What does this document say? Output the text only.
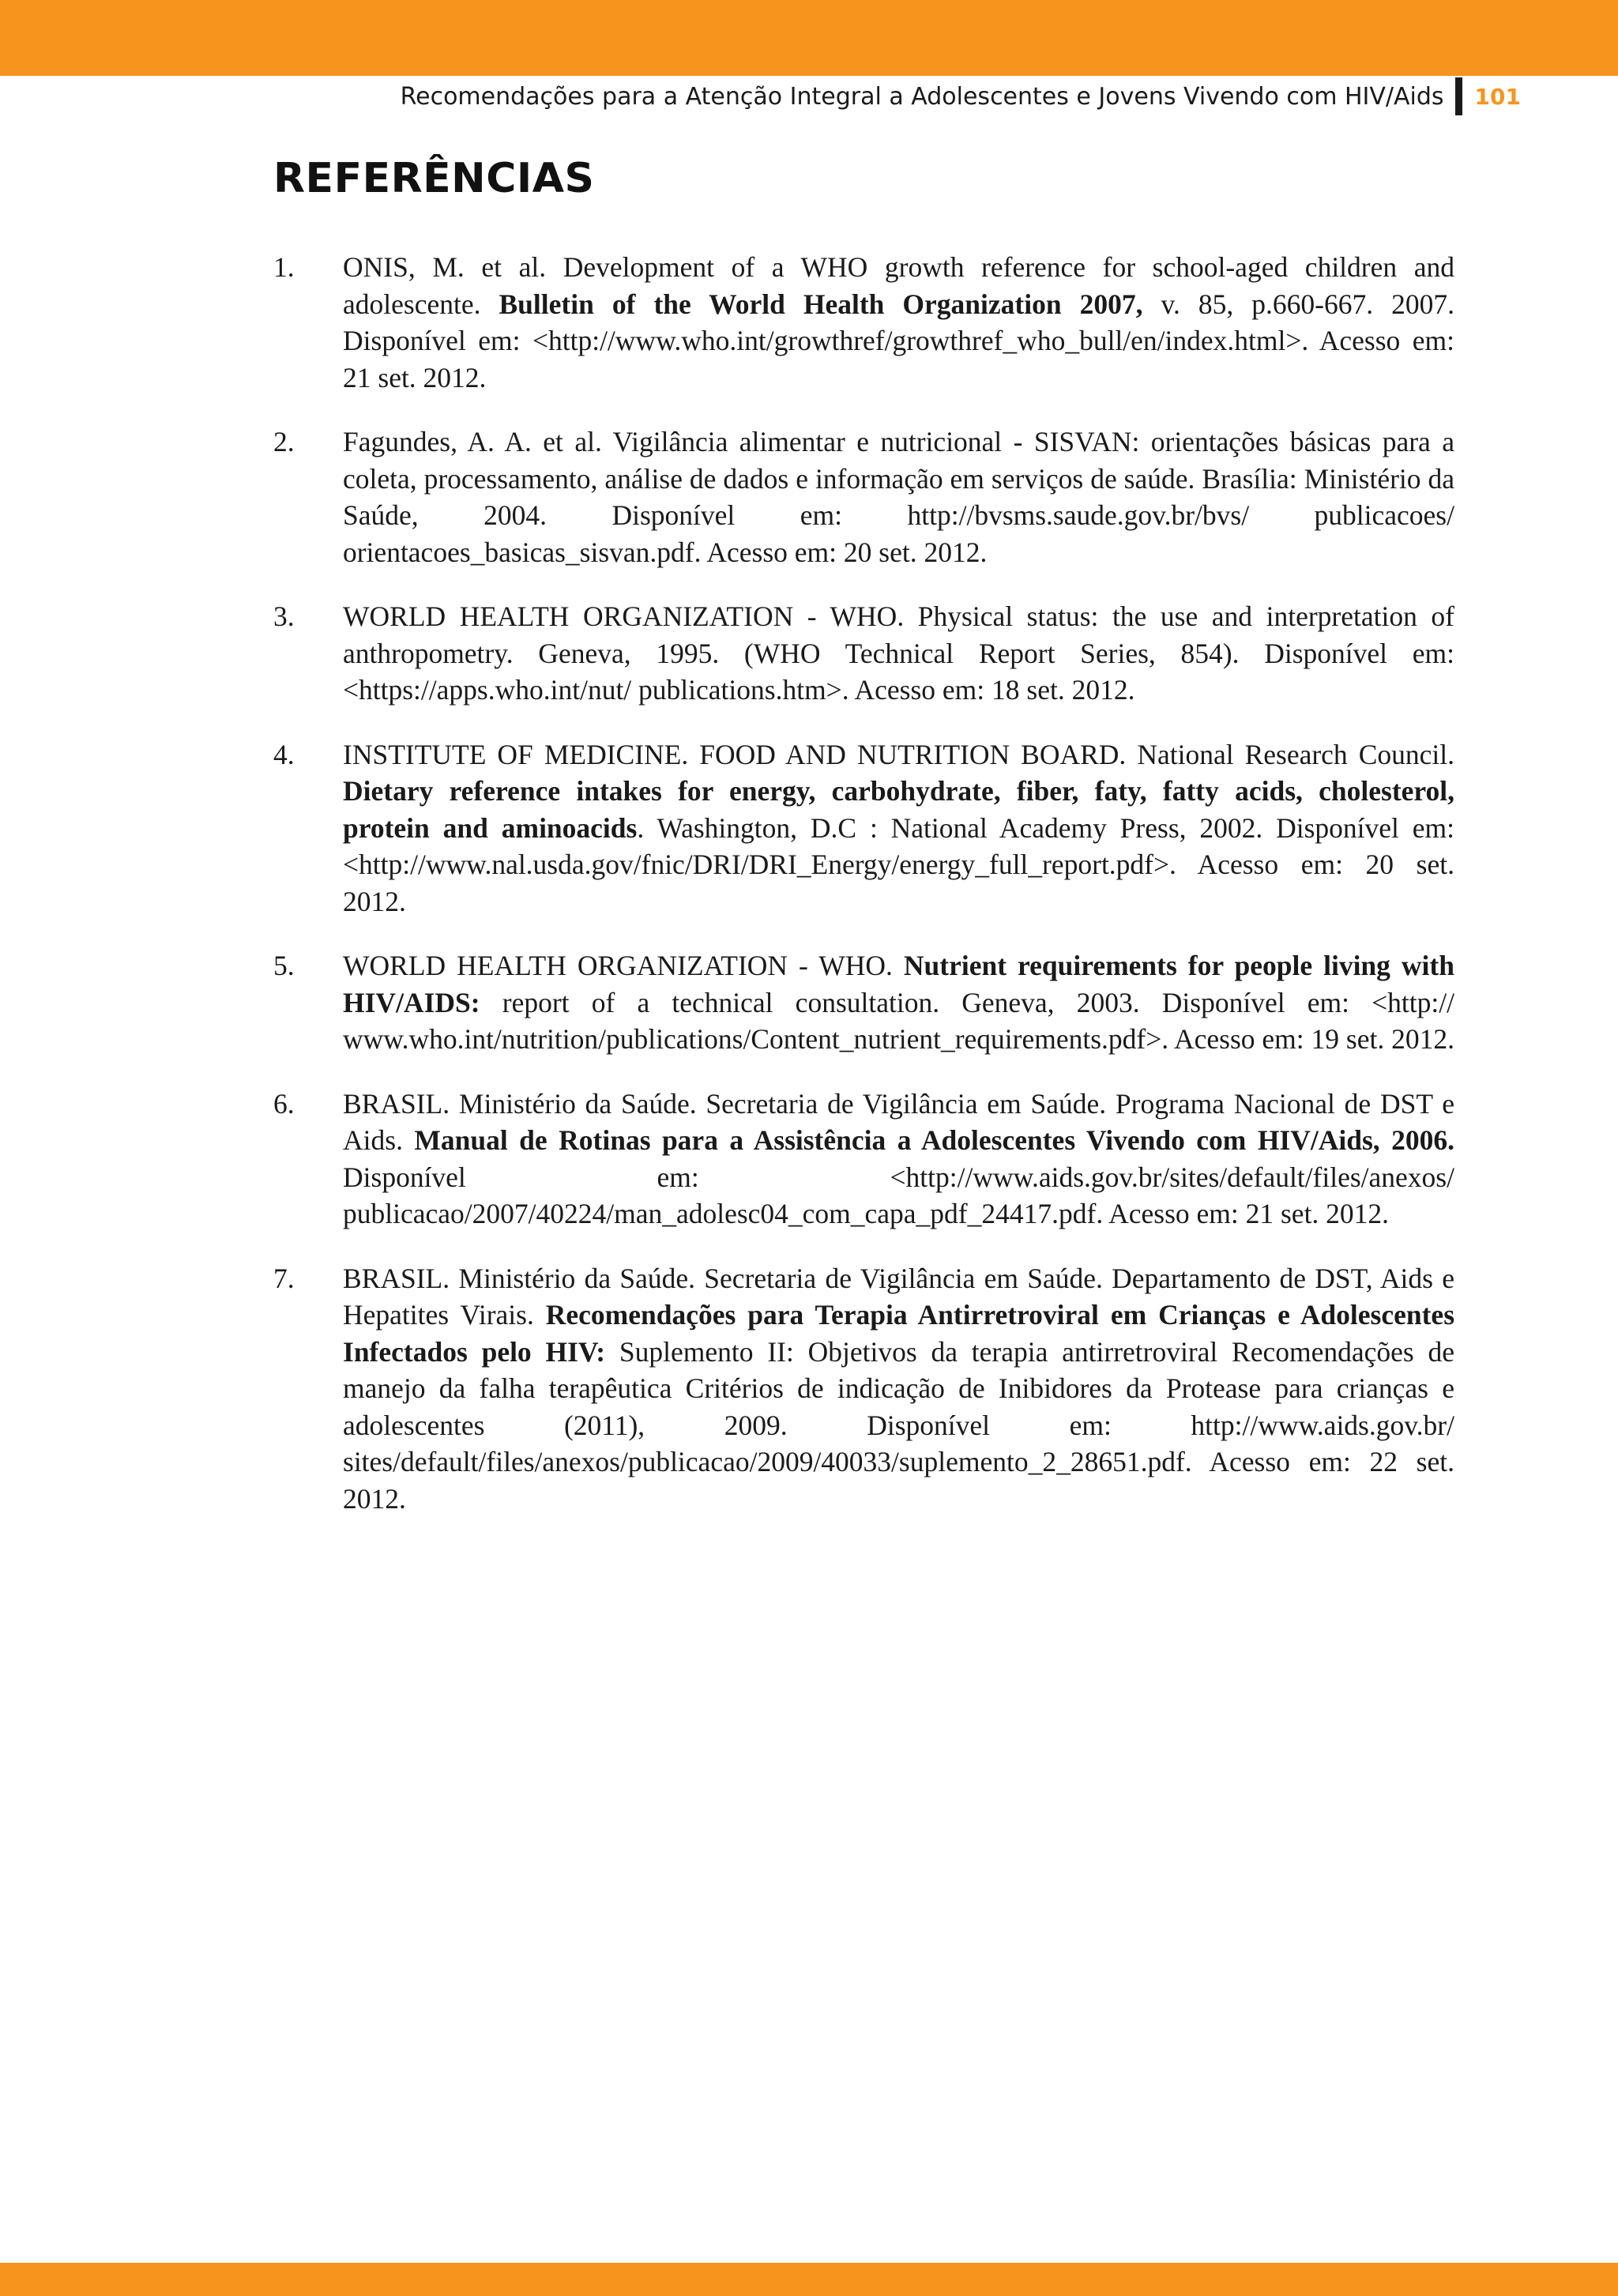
Recomendações para a Atenção Integral a Adolescentes e Jovens Vivendo com HIV/Aids 101
REFERÊNCIAS
1.	ONIS, M. et al. Development of a WHO growth reference for school-aged children and adolescente. Bulletin of the World Health Organization 2007, v. 85, p.660-667. 2007. Disponível em: <http://www.who.int/growthref/growthref_who_bull/en/index.html>. Acesso em: 21 set. 2012.
2.	Fagundes, A. A. et al. Vigilância alimentar e nutricional - SISVAN: orientações básicas para a coleta, processamento, análise de dados e informação em serviços de saúde. Brasília: Ministério da Saúde, 2004. Disponível em: http://bvsms.saude.gov.br/bvs/ publicacoes/ orientacoes_basicas_sisvan.pdf. Acesso em: 20 set. 2012.
3.	WORLD HEALTH ORGANIZATION - WHO. Physical status: the use and interpretation of anthropometry. Geneva, 1995. (WHO Technical Report Series, 854). Disponível em: <https://apps.who.int/nut/ publications.htm>. Acesso em: 18 set. 2012.
4.	INSTITUTE OF MEDICINE. FOOD AND NUTRITION BOARD. National Research Council. Dietary reference intakes for energy, carbohydrate, fiber, faty, fatty acids, cholesterol, protein and aminoacids. Washington, D.C : National Academy Press, 2002. Disponível em: <http://www.nal.usda.gov/fnic/DRI/DRI_Energy/energy_full_report.pdf>. Acesso em: 20 set. 2012.
5.	WORLD HEALTH ORGANIZATION - WHO. Nutrient requirements for people living with HIV/AIDS: report of a technical consultation. Geneva, 2003. Disponível em: <http:// www.who.int/nutrition/publications/Content_nutrient_requirements.pdf>. Acesso em: 19 set. 2012.
6.	BRASIL. Ministério da Saúde. Secretaria de Vigilância em Saúde. Programa Nacional de DST e Aids. Manual de Rotinas para a Assistência a Adolescentes Vivendo com HIV/Aids, 2006. Disponível em: <http://www.aids.gov.br/sites/default/files/anexos/ publicacao/2007/40224/man_adolesc04_com_capa_pdf_24417.pdf. Acesso em: 21 set. 2012.
7.	BRASIL. Ministério da Saúde. Secretaria de Vigilância em Saúde. Departamento de DST, Aids e Hepatites Virais. Recomendações para Terapia Antirretroviral em Crianças e Adolescentes Infectados pelo HIV: Suplemento II: Objetivos da terapia antirretroviral Recomendações de manejo da falha terapêutica Critérios de indicação de Inibidores da Protease para crianças e adolescentes (2011), 2009. Disponível em: http://www.aids.gov.br/ sites/default/files/anexos/publicacao/2009/40033/suplemento_2_28651.pdf. Acesso em: 22 set. 2012.
